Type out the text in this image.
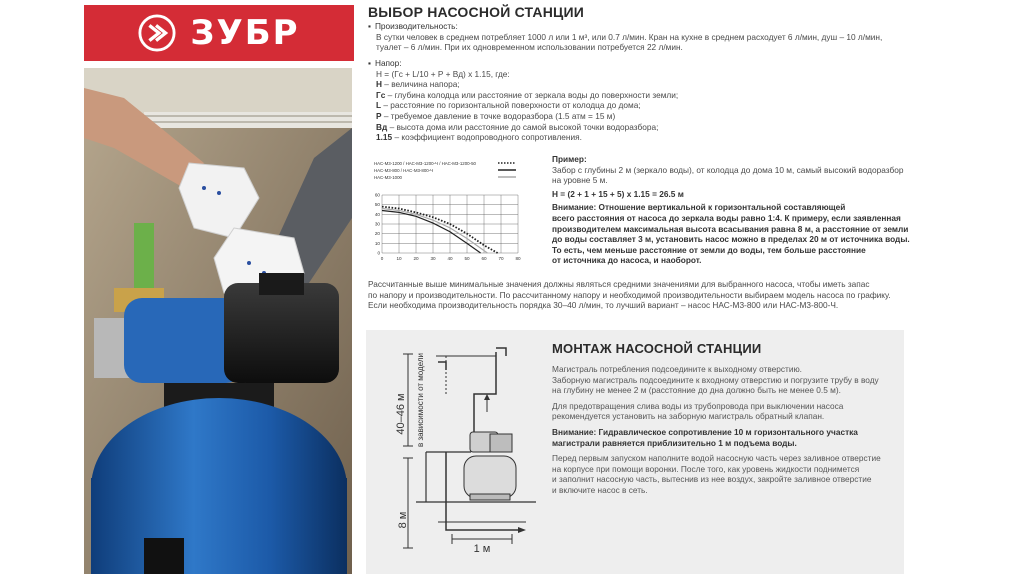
ЗУБР
ВЫБОР НАСОСНОЙ СТАНЦИИ
▪ Производительность:
В сутки человек в среднем потребляет 1000 л или 1 м³, или 0.7 л/мин. Кран на кухне в среднем расходует 6 л/мин, душ – 10 л/мин,
туалет – 6 л/мин. При их одновременном использовании потребуется 22 л/мин.
▪ Напор:
H = (Гс + L/10 + P + Вд) x 1.15, где:
H – величина напора;
Гс – глубина колодца или расстояние от зеркала воды до поверхности земли;
L – расстояние по горизонтальной поверхности от колодца до дома;
P – требуемое давление в точке водоразбора (1.5 атм = 15 м)
Вд – высота дома или расстояние до самой высокой точки водоразбора;
1.15 – коэффициент водопроводного сопротивления.
НАС-М3-1200 / НАС-М3-1200-Ч / НАС-М3-1200-50
НАС-М3-800 / НАС-М3-800-Ч
НАС-М3-1000
0	10	20	30	40	50	60	70	80
0
10
20
30
40
50
60
Пример:
Забор с глубины 2 м (зеркало воды), от колодца до дома 10 м, самый высокий водоразбор
на уровне 5 м.
H = (2 + 1 + 15 + 5) x 1.15 = 26.5 м
Внимание: Отношение вертикальной к горизонтальной составляющей
всего расстояния от насоса до зеркала воды равно 1:4. К примеру, если заявленная
производителем максимальная высота всасывания равна 8 м, а расстояние от земли
до воды составляет 3 м, установить насос можно в пределах 20 м от источника воды.
То есть, чем меньше расстояние от земли до воды, тем больше расстояние
от источника до насоса, и наоборот.
Рассчитанные выше минимальные значения должны являться средними значениями для выбранного насоса, чтобы иметь запас
по напору и производительности. По рассчитанному напору и необходимой производительности выбираем модель насоса по графику.
Если необходима производительность порядка 30–40 л/мин, то лучший вариант – насос НАС-М3-800 или НАС-М3-800-Ч.
МОНТАЖ НАСОСНОЙ СТАНЦИИ
40–46 м в зависимости от модели
8 м
1 м
Магистраль потребления подсоедините к выходному отверстию.
Заборную магистраль подсоедините к входному отверстию и погрузите трубу в воду
на глубину не менее 2 м (расстояние до дна должно быть не менее 0.5 м).
Для предотвращения слива воды из трубопровода при выключении насоса
рекомендуется установить на заборную магистраль обратный клапан.
Внимание: Гидравлическое сопротивление 10 м горизонтального участка
магистрали равняется приблизительно 1 м подъема воды.
Перед первым запуском наполните водой насосную часть через заливное отверстие
на корпусе при помощи воронки. После того, как уровень жидкости поднимется
и заполнит насосную часть, вытеснив из нее воздух, закройте заливное отверстие
и включите насос в сеть.
